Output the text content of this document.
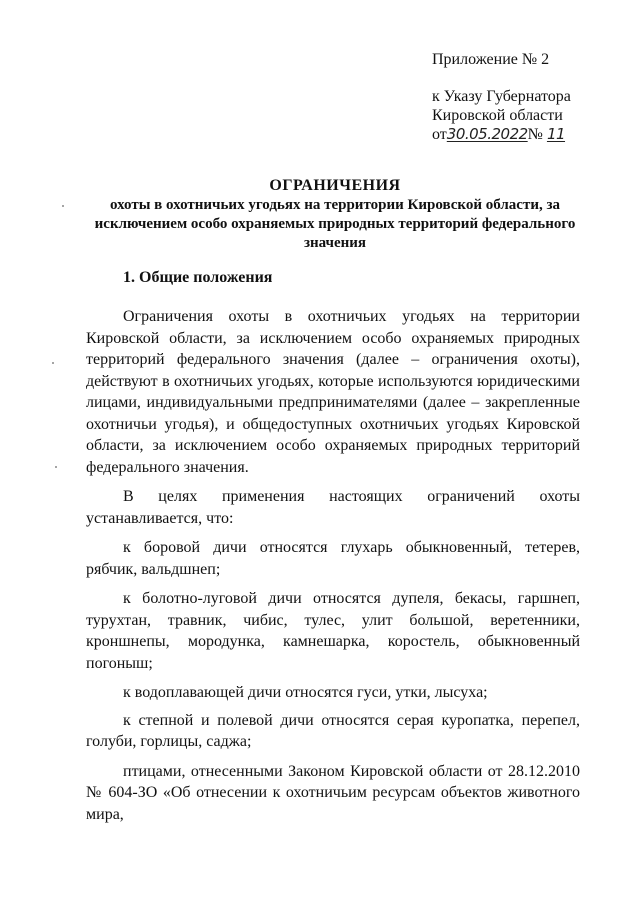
Приложение № 2
к Указу Губернатора
Кировской области
от30.05.2022№ 11
ОГРАНИЧЕНИЯ
охоты в охотничьих угодьях на территории Кировской области, за
исключением особо охраняемых природных территорий федерального
значения
1. Общие положения

Ограничения охоты в охотничьих угодьях на территории Кировской области, за исключением особо охраняемых природных территорий федерального значения (далее – ограничения охоты), действуют в охотничьих угодьях, которые используются юридическими лицами, индивидуальными предпринимателями (далее – закрепленные охотничьи угодья), и общедоступных охотничьих угодьях Кировской области, за исключением особо охраняемых природных территорий федерального значения.

В целях применения настоящих ограничений охоты устанавливается, что:

к боровой дичи относятся глухарь обыкновенный, тетерев, рябчик, вальдшнеп;

к болотно-луговой дичи относятся дупеля, бекасы, гаршнеп, турухтан, травник, чибис, тулес, улит большой, веретенники, кроншнепы, мородунка, камнешарка, коростель, обыкновенный погоныш;

к водоплавающей дичи относятся гуси, утки, лысуха;

к степной и полевой дичи относятся серая куропатка, перепел, голуби, горлицы, саджа;

птицами, отнесенными Законом Кировской области от 28.12.2010 № 604-ЗО «Об отнесении к охотничьим ресурсам объектов животного мира,
